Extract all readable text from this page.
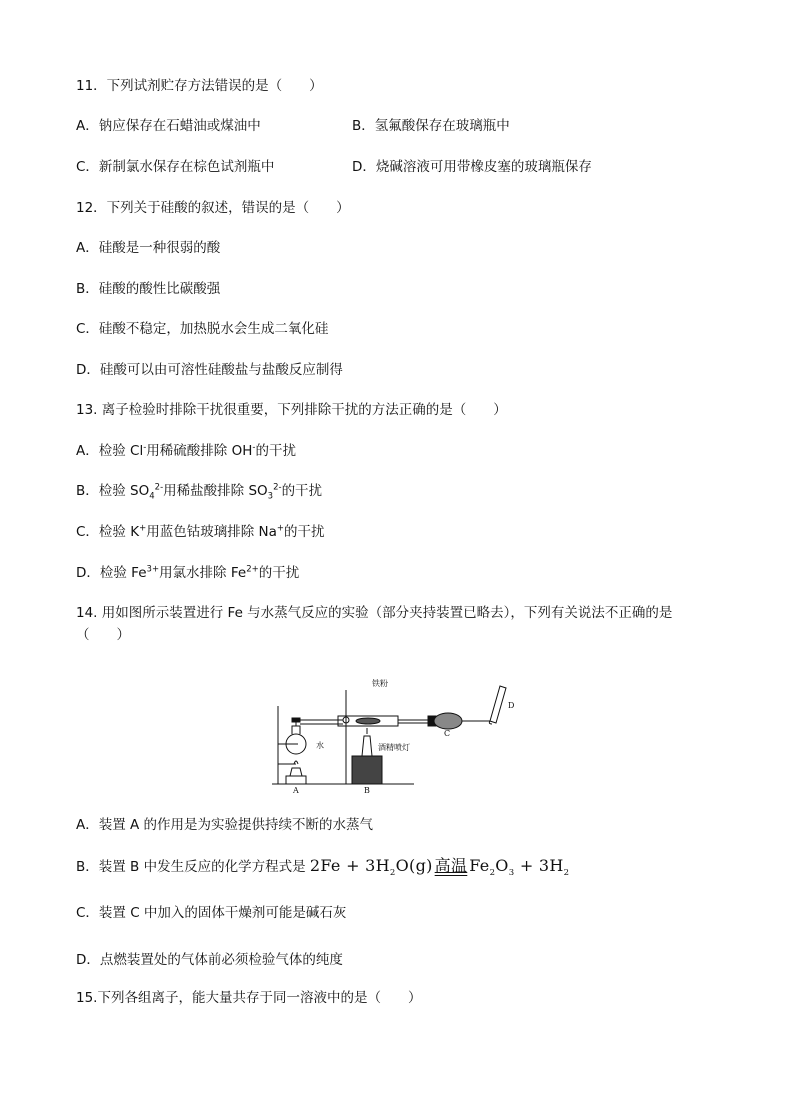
11．下列试剂贮存方法错误的是（　　）
A．钠应保存在石蜡油或煤油中	B．氢氟酸保存在玻璃瓶中
C．新制氯水保存在棕色试剂瓶中	D．烧碱溶液可用带橡皮塞的玻璃瓶保存
12．下列关于硅酸的叙述，错误的是（　　）
A．硅酸是一种很弱的酸
B．硅酸的酸性比碳酸强
C．硅酸不稳定，加热脱水会生成二氧化硅
D．硅酸可以由可溶性硅酸盐与盐酸反应制得
13. 离子检验时排除干扰很重要，下列排除干扰的方法正确的是（　　）
A．检验 Cl-用稀硫酸排除 OH-的干扰
B．检验 $SO_4^{2-}$用稀盐酸排除 $SO_3^{2-}$的干扰
C．检验 K+用蓝色钴玻璃排除 Na+的干扰
D．检验 $Fe^{3+}$用氯水排除 $Fe^{2+}$的干扰
14. 用如图所示装置进行 Fe 与水蒸气反应的实验（部分夹持装置已略去），下列有关说法不正确的是（　　）
铁粉
水	酒精喷灯
A	B
C
D
A．装置 A 的作用是为实验提供持续不断的水蒸气
B．装置 B 中发生反应的化学方程式是 $2Fe + 3H_2O(g)$ 高温 $Fe_2O_3 + 3H_2$
C．装置 C 中加入的固体干燥剂可能是碱石灰
D．点燃装置处的气体前必须检验气体的纯度
15.下列各组离子，能大量共存于同一溶液中的是（　　）
